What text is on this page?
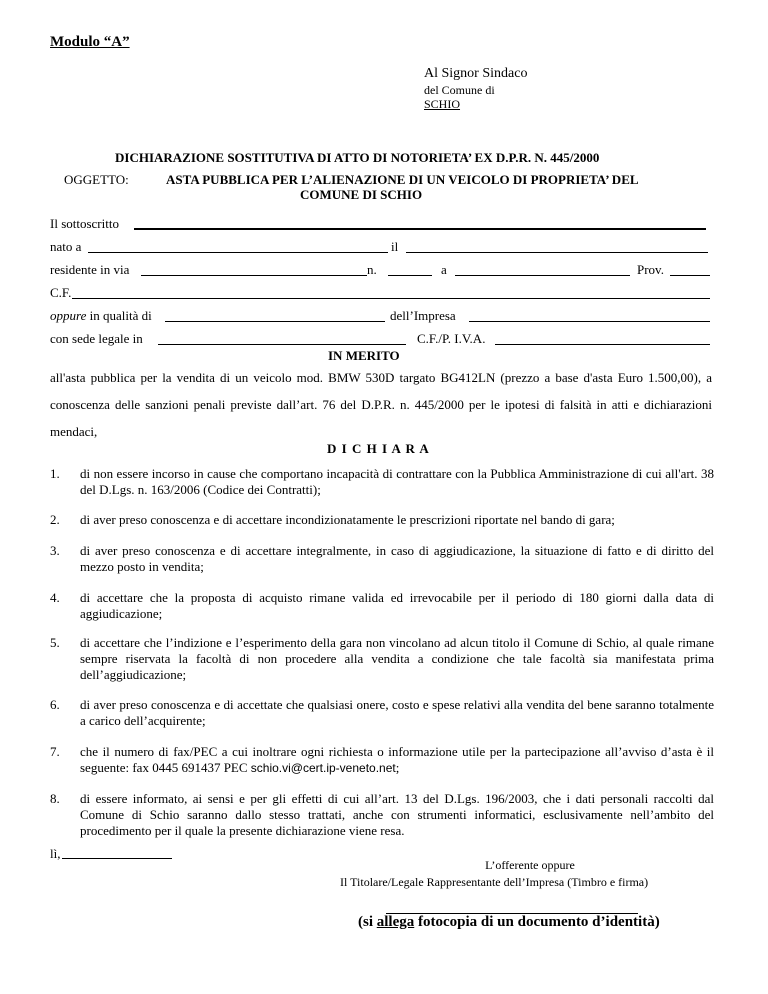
Modulo “A”
Al Signor Sindaco
del Comune di
SCHIO
DICHIARAZIONE SOSTITUTIVA DI ATTO DI NOTORIETA’ EX D.P.R. N. 445/2000
OGGETTO:	ASTA PUBBLICA PER L’ALIENAZIONE DI UN VEICOLO DI PROPRIETA’ DEL
COMUNE DI SCHIO
Il sottoscritto
nato a	il
residente in via	n.	a	Prov.
C.F.
oppure in qualità di	dell’Impresa
con sede legale in	C.F./P. I.V.A.
IN MERITO
all'asta pubblica per la vendita di un veicolo mod. BMW 530D targato BG412LN (prezzo a base d'asta Euro 1.500,00), a conoscenza delle sanzioni penali previste dall’art. 76 del D.P.R. n. 445/2000 per le ipotesi di falsità in atti e dichiarazioni mendaci,
D I C H I A R A
1.	di non essere incorso in cause che comportano incapacità di contrattare con la Pubblica Amministrazione di cui all'art. 38 del D.Lgs. n. 163/2006 (Codice dei Contratti);
2.	di aver preso conoscenza e di accettare incondizionatamente le prescrizioni riportate nel bando di gara;
3.	di aver preso conoscenza e di accettare integralmente, in caso di aggiudicazione, la situazione di fatto e di diritto del mezzo posto in vendita;
4.	di accettare che la proposta di acquisto rimane valida ed irrevocabile per il periodo di 180 giorni dalla data di aggiudicazione;
5.	di accettare che l’indizione e l’esperimento della gara non vincolano ad alcun titolo il Comune di Schio, al quale rimane sempre riservata la facoltà di non procedere alla vendita a condizione che tale facoltà sia manifestata prima dell’aggiudicazione;
6.	di aver preso conoscenza e di accettate che qualsiasi onere, costo e spese relativi alla vendita del bene saranno totalmente a carico dell’acquirente;
7.	che il numero di fax/PEC a cui inoltrare ogni richiesta o informazione utile per la partecipazione all’avviso d’asta è il seguente: fax 0445 691437 PEC schio.vi@cert.ip-veneto.net;
8.	di essere informato, ai sensi e per gli effetti di cui all’art. 13 del D.Lgs. 196/2003, che i dati personali raccolti dal Comune di Schio saranno dallo stesso trattati, anche con strumenti informatici, esclusivamente nell’ambito del procedimento per il quale la presente dichiarazione viene resa.
lì,
L’offerente oppure
Il Titolare/Legale Rappresentante dell’Impresa (Timbro e firma)
(si allega fotocopia di un documento d’identità)
